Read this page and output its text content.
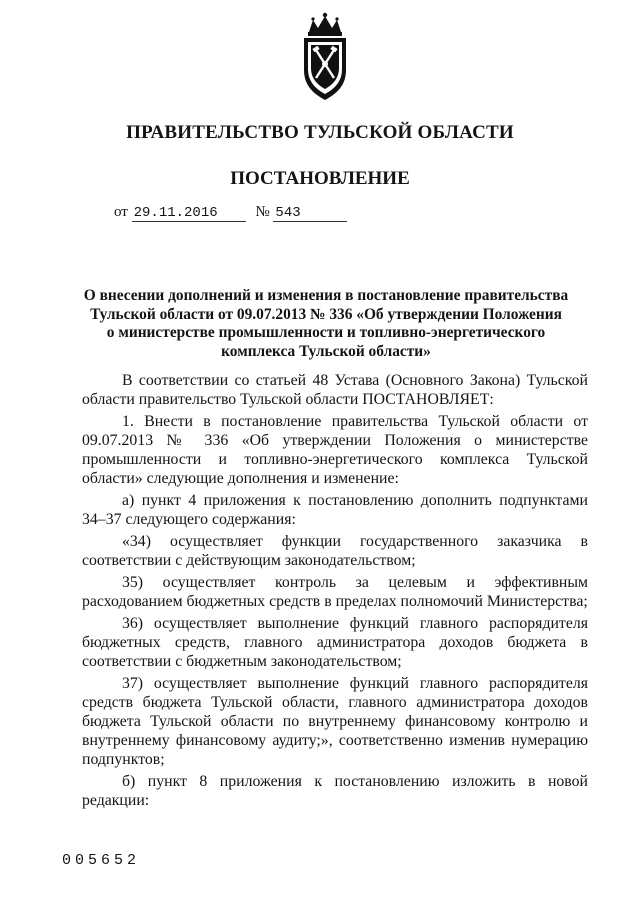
ПРАВИТЕЛЬСТВО ТУЛЬСКОЙ ОБЛАСТИ
ПОСТАНОВЛЕНИЕ
от 29.11.2016	№ 543
О внесении дополнений и изменения в постановление правительства
Тульской области от 09.07.2013 № 336 «Об утверждении Положения
о министерстве промышленности и топливно-энергетического
комплекса Тульской области»

В соответствии со статьей 48 Устава (Основного Закона) Тульской области правительство Тульской области ПОСТАНОВЛЯЕТ:

1. Внести в постановление правительства Тульской области от 09.07.2013 № 336 «Об утверждении Положения о министерстве промышленности и топливно-энергетического комплекса Тульской области» следующие дополнения и изменение:

а) пункт 4 приложения к постановлению дополнить подпунктами 34–37 следующего содержания:

«34) осуществляет функции государственного заказчика в соответствии с действующим законодательством;

35) осуществляет контроль за целевым и эффективным расходованием бюджетных средств в пределах полномочий Министерства;

36) осуществляет выполнение функций главного распорядителя бюджетных средств, главного администратора доходов бюджета в соответствии с бюджетным законодательством;

37) осуществляет выполнение функций главного распорядителя средств бюджета Тульской области, главного администратора доходов бюджета Тульской области по внутреннему финансовому контролю и внутреннему финансовому аудиту;», соответственно изменив нумерацию подпунктов;

б) пункт 8 приложения к постановлению изложить в новой редакции:

005652
